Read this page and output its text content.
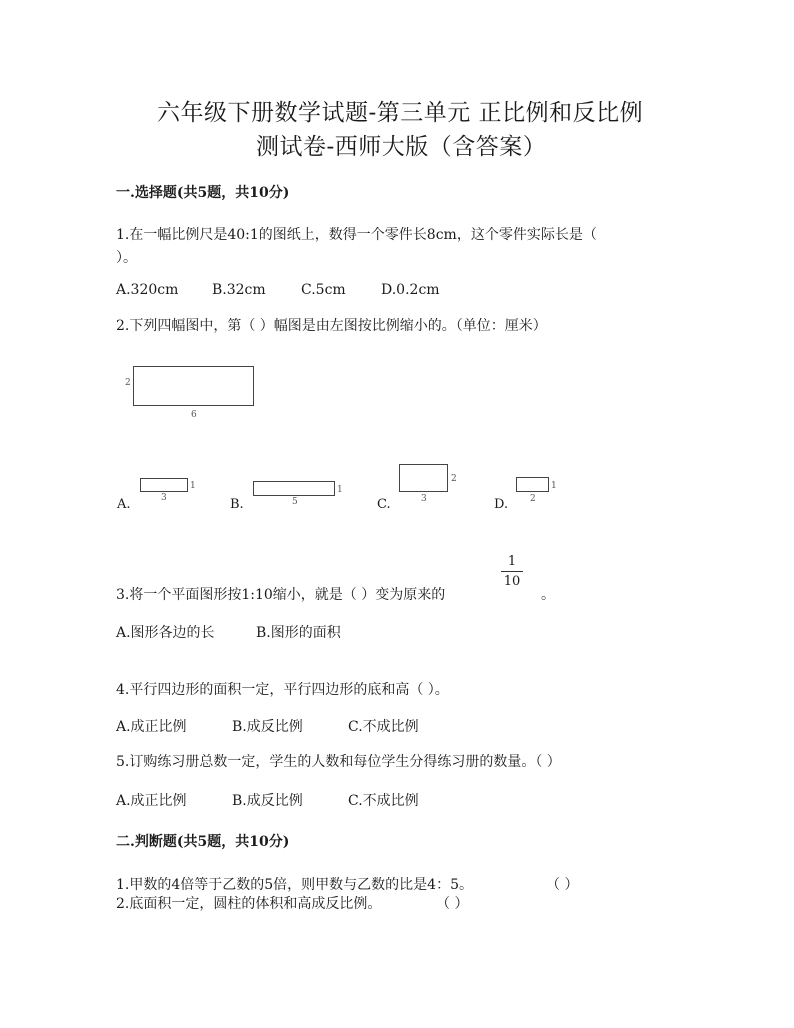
六年级下册数学试题-第三单元 正比例和反比例
测试卷-西师大版（含答案）
一.选择题(共5题，共10分)
1.在一幅比例尺是40:1的图纸上，数得一个零件长8cm，这个零件实际长是（
）。
A.320cm B.32cm	C.5cm	D.0.2cm
2.下列四幅图中，第（ ）幅图是由左图按比例缩小的。（单位：厘米）
2
6
A.
1
3	B.
1
5	C.
2
3	D.
1
2
3.将一个平面图形按1:10缩小，就是（ ）变为原来的
1
10
。
A.图形各边的长	B.图形的面积
4.平行四边形的面积一定，平行四边形的底和高（ ）。
A.成正比例	B.成反比例	C.不成比例
5.订购练习册总数一定，学生的人数和每位学生分得练习册的数量。（ ）
A.成正比例	B.成反比例	C.不成比例
二.判断题(共5题，共10分)
1.甲数的4倍等于乙数的5倍，则甲数与乙数的比是4：5。	（ ）
2.底面积一定，圆柱的体积和高成反比例。	（ ）
